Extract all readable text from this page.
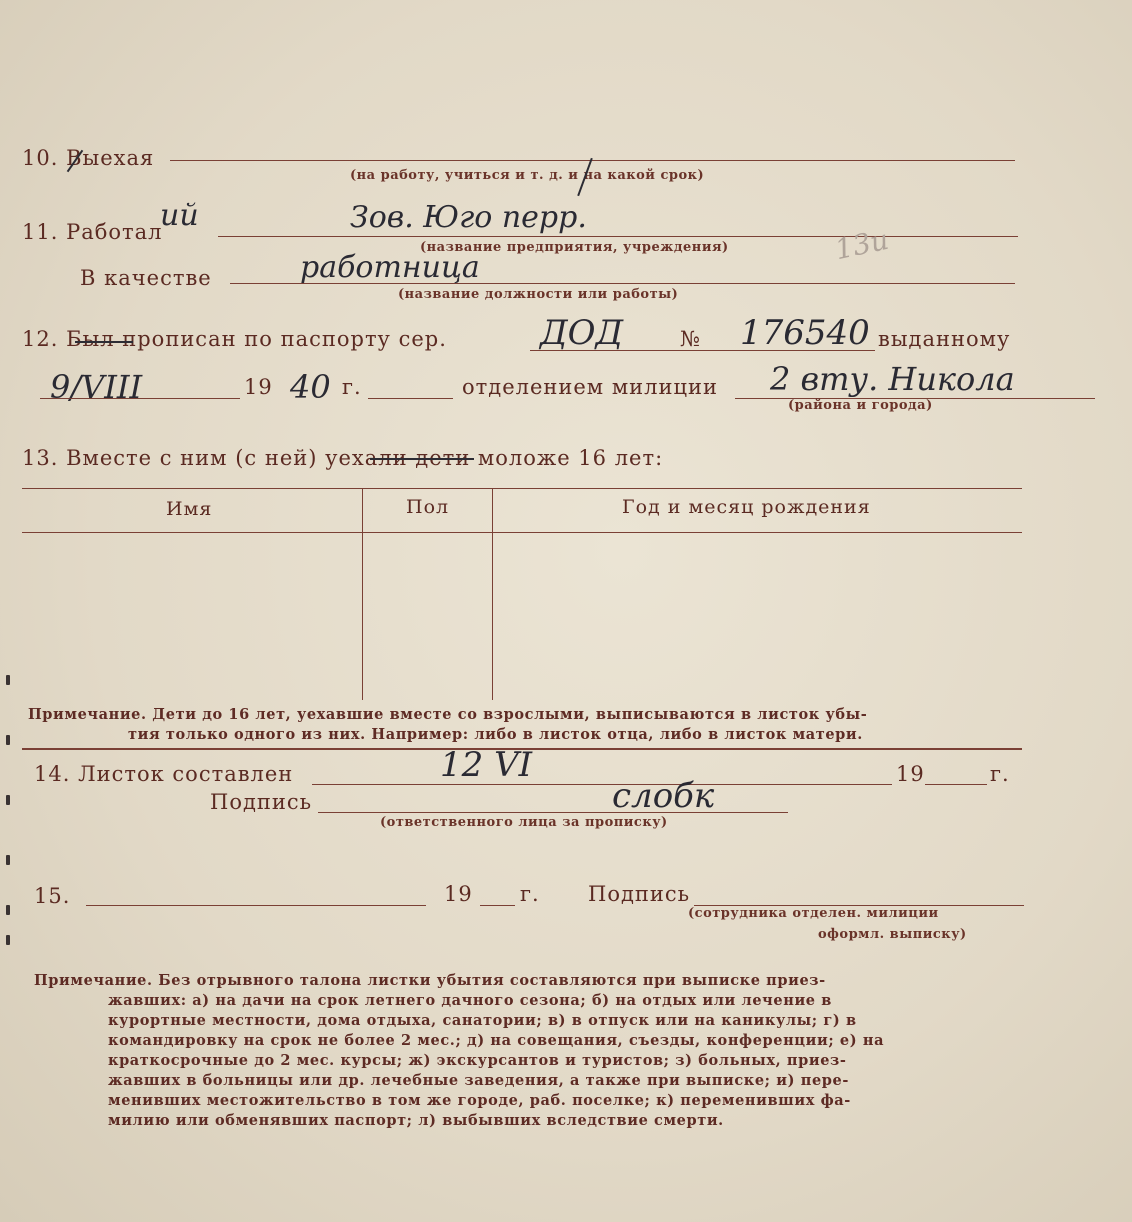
10. Выехая
(на работу, учиться и т. д. и на какой срок)
11. Работал
ий	Зов. Юго перр.
(название предприятия, учреждения)
В качестве	работница
(название должности или работы)
13и
12. Был прописан по паспорту сер.	ДОД	№ 176540 выданному
9/VIII	19 40 г.	отделением милиции 2 вту. Никола
(района и города)
13. Вместе с ним (с ней) уехали дети моложе 16 лет:
Имя	Пол	Год и месяц рождения
Примечание. Дети до 16 лет, уехавшие вместе со взрослыми, выписываются в листок убы-
тия только одного из них. Например: либо в листок отца, либо в листок матери.
14. Листок составлен	12 VI	19	г.
Подпись	слобк
(ответственного лица за прописку)
15.	19 г. Подпись
(сотрудника отделен. милиции
оформл. выписку)
Примечание. Без отрывного талона листки убытия составляются при выписке приез-
жавших: а) на дачи на срок летнего дачного сезона; б) на отдых или лечение в
курортные местности, дома отдыха, санатории; в) в отпуск или на каникулы; г) в
командировку на срок не более 2 мес.; д) на совещания, съезды, конференции; е) на
краткосрочные до 2 мес. курсы; ж) экскурсантов и туристов; з) больных, приез-
жавших в больницы или др. лечебные заведения, а также при выписке; и) пере-
менивших местожительство в том же городе, раб. поселке; к) переменивших фа-
милию или обменявших паспорт; л) выбывших вследствие смерти.
